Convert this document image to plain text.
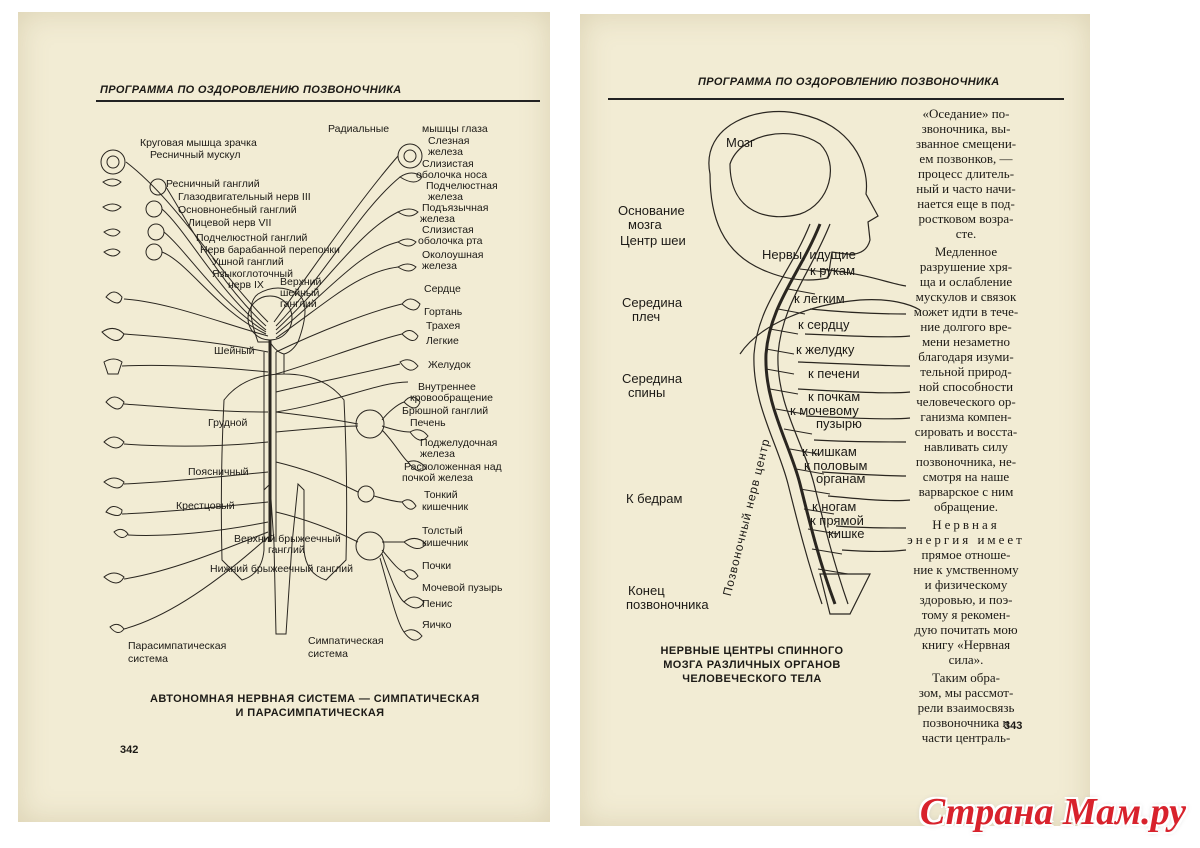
ПРОГРАММА ПО ОЗДОРОВЛЕНИЮ ПОЗВОНОЧНИКА
Круговая мышца зрачка
Ресничный мускул
Ресничный ганглий
Глазодвигательный нерв III
Основнонебный ганглий
Лицевой нерв VII
Подчелюстной ганглий
Нерв барабанной перепонки
Ушной ганглий
Языкоглоточный
нерв IX
Радиальные	мышцы глаза
Слезная
железа
Слизистая
оболочка носа
Подчелюстная
железа
Подъязычная
железа
Слизистая
оболочка рта
Околоушная
железа
Сердце
Гортань
Трахея
Легкие
Желудок
Внутреннее
кровообращение
Брюшной ганглий
Печень
Поджелудочная
железа
Расположенная над
почкой железа
Тонкий
кишечник
Толстый
кишечник
Почки
Мочевой пузырь
Пенис
Яичко
Верхний
шейный
ганглий
Шейный
Грудной
Поясничный
Крестцовый
Верхний брыжеечный
ганглий
Нижний брыжеечный ганглий
Парасимпатическая
система
Симпатическая
система
АВТОНОМНАЯ НЕРВНАЯ СИСТЕМА — СИМПАТИЧЕСКАЯ
И ПАРАСИМПАТИЧЕСКАЯ
342
ПРОГРАММА ПО ОЗДОРОВЛЕНИЮ ПОЗВОНОЧНИКА
Мозг
Основание
мозга
Центр шеи
Середина
плеч
Середина
спины
К бедрам
Конец
позвоночника
Позвоночный нерв центр
Нервы, идущие
к рукам
к легким
к сердцу
к желудку
к печени
к почкам
к мочевому
пузырю
к кишкам
к половым
органам
к ногам
к прямой
кишке
НЕРВНЫЕ ЦЕНТРЫ СПИННОГО
МОЗГА РАЗЛИЧНЫХ ОРГАНОВ
ЧЕЛОВЕЧЕСКОГО ТЕЛА

«Оседание» по-

звоночника, вы-

званное смещени-

ем позвонков, —

процесс длитель-

ный и часто начи-

нается еще в под-

ростковом возра-

сте.

Медленное

разрушение хря-

ща и ослабление

мускулов и связок

может идти в тече-

ние долгого вре-

мени незаметно

благодаря изуми-

тельной природ-

ной способности

человеческого ор-

ганизма компен-

сировать и восста-

навливать силу

позвоночника, не-

смотря на наше

варварское с ним

обращение.

Нервная

энергия имеет

прямое отноше-

ние к умственному

и физическому

здоровью, и поэ-

тому я рекомен-

дую почитать мою

книгу «Нервная

сила».

Таким обра-

зом, мы рассмот-

рели взаимосвязь

позвоночника и

части централь-

343
Страна Мам.ру
